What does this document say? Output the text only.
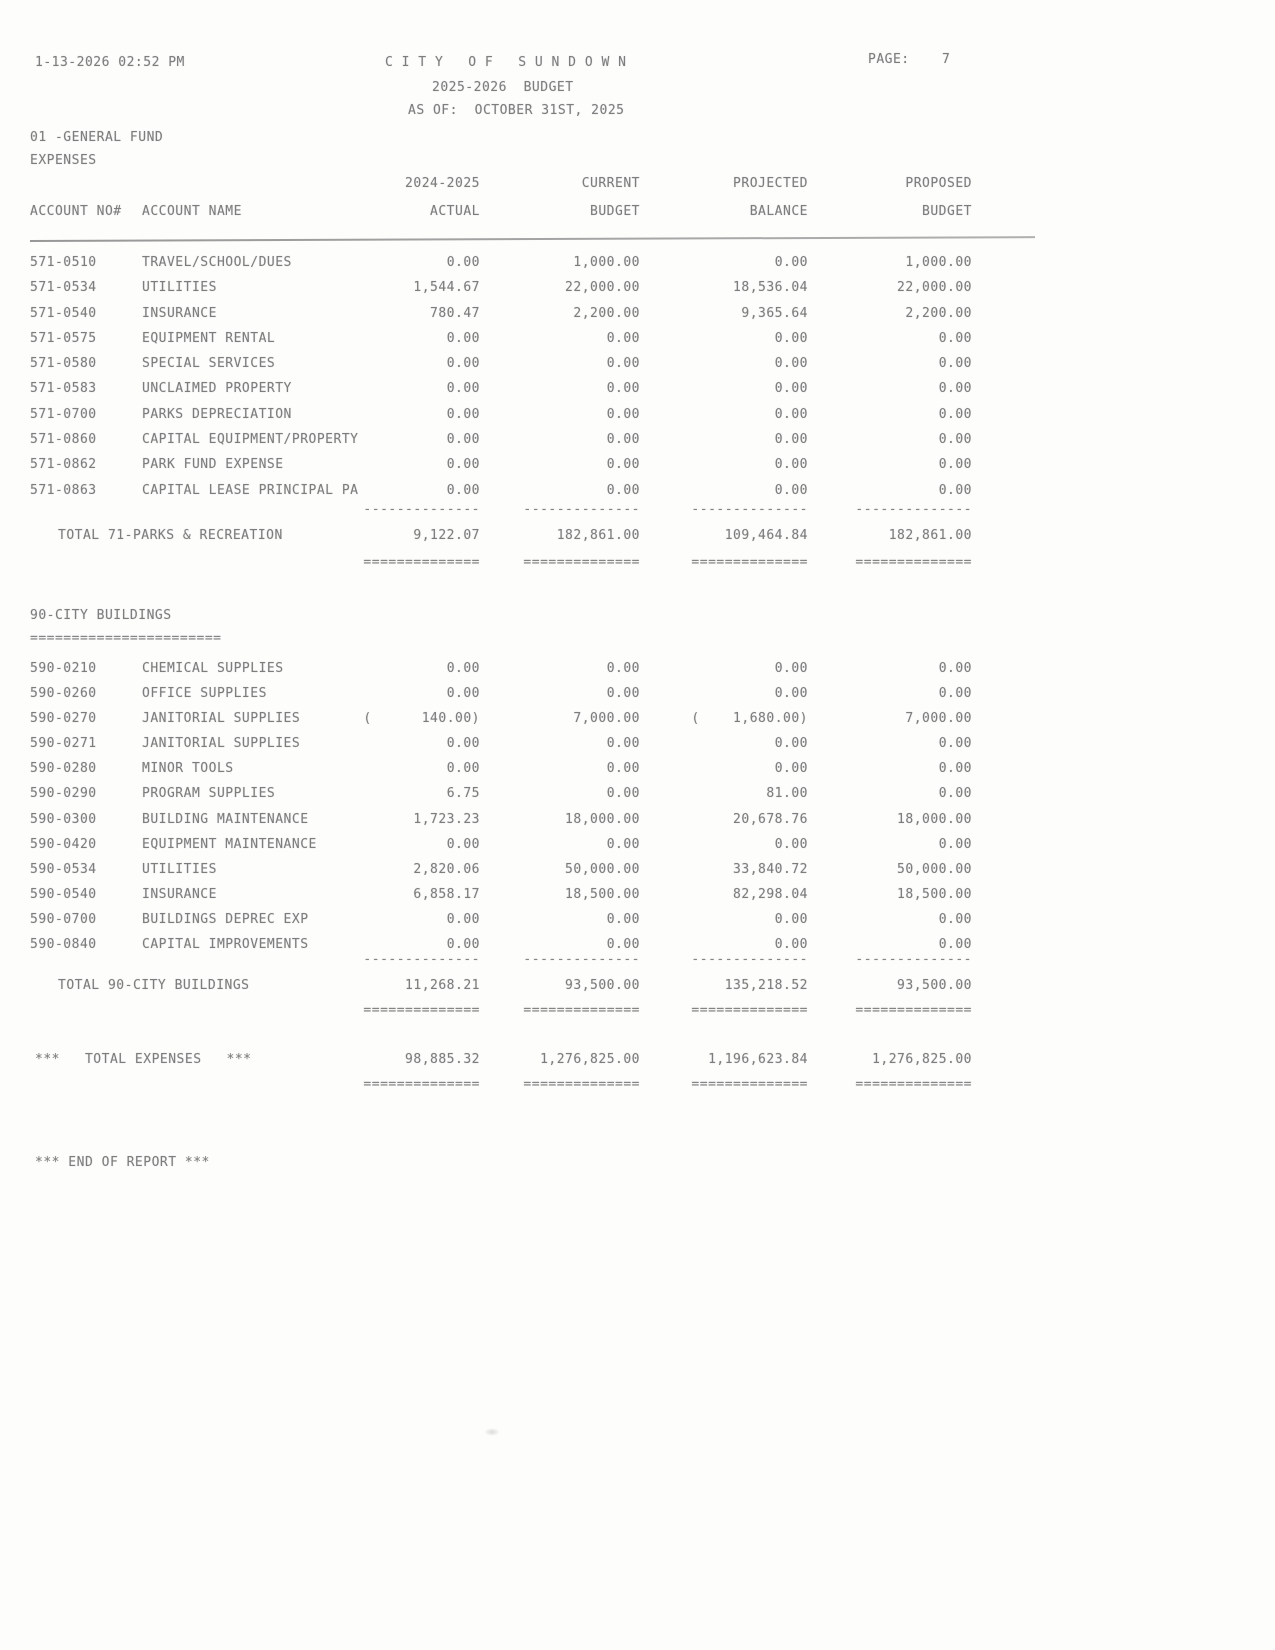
1-13-2026 02:52 PM	C I T Y   O F   S U N D O W N	PAGE: 7
2025-2026  BUDGET
AS OF:  OCTOBER 31ST, 2025
01 -GENERAL FUND
EXPENSES
2024-2025	CURRENT	PROJECTED	PROPOSED
ACCOUNT NO#	ACCOUNT NAME	ACTUAL	BUDGET	BALANCE	BUDGET
571-0510	TRAVEL/SCHOOL/DUES	0.00	1,000.00	0.00	1,000.00
571-0534	UTILITIES	1,544.67	22,000.00	18,536.04	22,000.00
571-0540	INSURANCE	780.47	2,200.00	9,365.64	2,200.00
571-0575	EQUIPMENT RENTAL	0.00	0.00	0.00	0.00
571-0580	SPECIAL SERVICES	0.00	0.00	0.00	0.00
571-0583	UNCLAIMED PROPERTY	0.00	0.00	0.00	0.00
571-0700	PARKS DEPRECIATION	0.00	0.00	0.00	0.00
571-0860	CAPITAL EQUIPMENT/PROPERTY	0.00	0.00	0.00	0.00
571-0862	PARK FUND EXPENSE	0.00	0.00	0.00	0.00
571-0863	CAPITAL LEASE PRINCIPAL PA	0.00	0.00	0.00	0.00
--------------	--------------	--------------	--------------
TOTAL 71-PARKS & RECREATION	9,122.07	182,861.00	109,464.84	182,861.00
==============	==============	==============	==============
90-CITY BUILDINGS
=======================
590-0210	CHEMICAL SUPPLIES	0.00	0.00	0.00	0.00
590-0260	OFFICE SUPPLIES	0.00	0.00	0.00	0.00
590-0270	JANITORIAL SUPPLIES	(      140.00)	7,000.00	(    1,680.00)	7,000.00
590-0271	JANITORIAL SUPPLIES	0.00	0.00	0.00	0.00
590-0280	MINOR TOOLS	0.00	0.00	0.00	0.00
590-0290	PROGRAM SUPPLIES	6.75	0.00	81.00	0.00
590-0300	BUILDING MAINTENANCE	1,723.23	18,000.00	20,678.76	18,000.00
590-0420	EQUIPMENT MAINTENANCE	0.00	0.00	0.00	0.00
590-0534	UTILITIES	2,820.06	50,000.00	33,840.72	50,000.00
590-0540	INSURANCE	6,858.17	18,500.00	82,298.04	18,500.00
590-0700	BUILDINGS DEPREC EXP	0.00	0.00	0.00	0.00
590-0840	CAPITAL IMPROVEMENTS	0.00	0.00	0.00	0.00
--------------	--------------	--------------	--------------
TOTAL 90-CITY BUILDINGS	11,268.21	93,500.00	135,218.52	93,500.00
==============	==============	==============	==============
***   TOTAL EXPENSES   ***	98,885.32	1,276,825.00	1,196,623.84	1,276,825.00
==============	==============	==============	==============
*** END OF REPORT ***
